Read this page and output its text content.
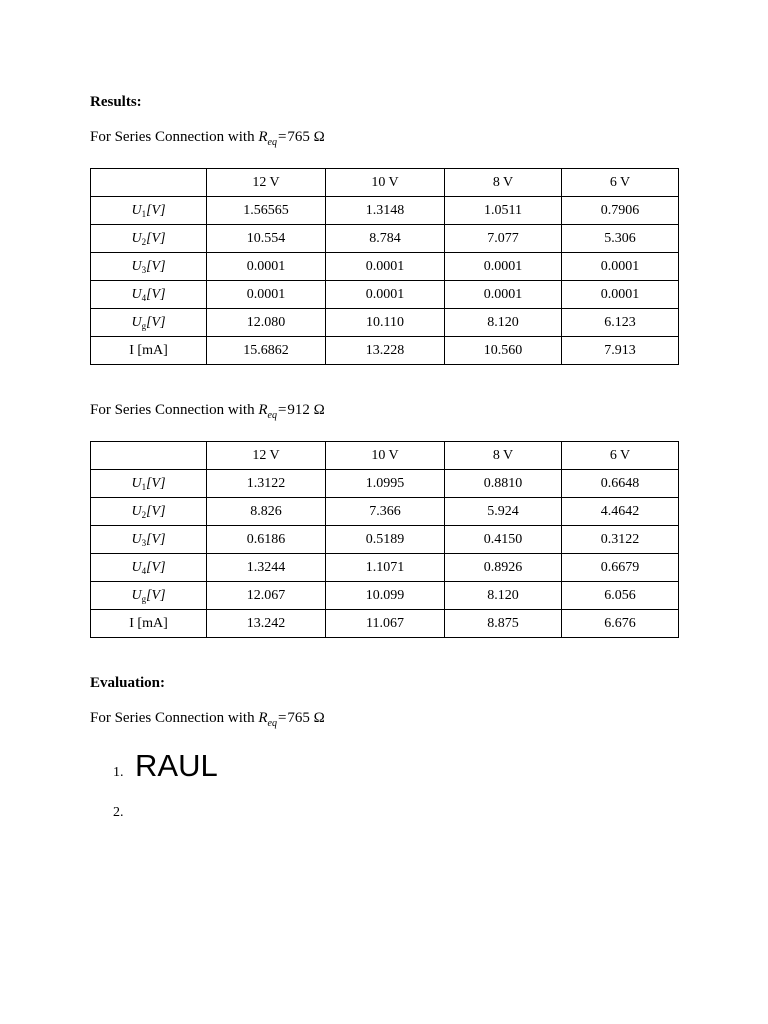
Results:
For Series Connection with $R_{eq}=765$ Ω
	12 V	10 V	8 V	6 V
$U_1[V]$	1.56565	1.3148	1.0511	0.7906
$U_2[V]$	10.554	8.784	7.077	5.306
$U_3[V]$	0.0001	0.0001	0.0001	0.0001
$U_4[V]$	0.0001	0.0001	0.0001	0.0001
$U_g[V]$	12.080	10.110	8.120	6.123
I [mA]	15.6862	13.228	10.560	7.913
For Series Connection with $R_{eq}=912$ Ω
	12 V	10 V	8 V	6 V
$U_1[V]$	1.3122	1.0995	0.8810	0.6648
$U_2[V]$	8.826	7.366	5.924	4.4642
$U_3[V]$	0.6186	0.5189	0.4150	0.3122
$U_4[V]$	1.3244	1.1071	0.8926	0.6679
$U_g[V]$	12.067	10.099	8.120	6.056
I [mA]	13.242	11.067	8.875	6.676
Evaluation:
For Series Connection with $R_{eq}=765$ Ω
1. RAUL
2.
